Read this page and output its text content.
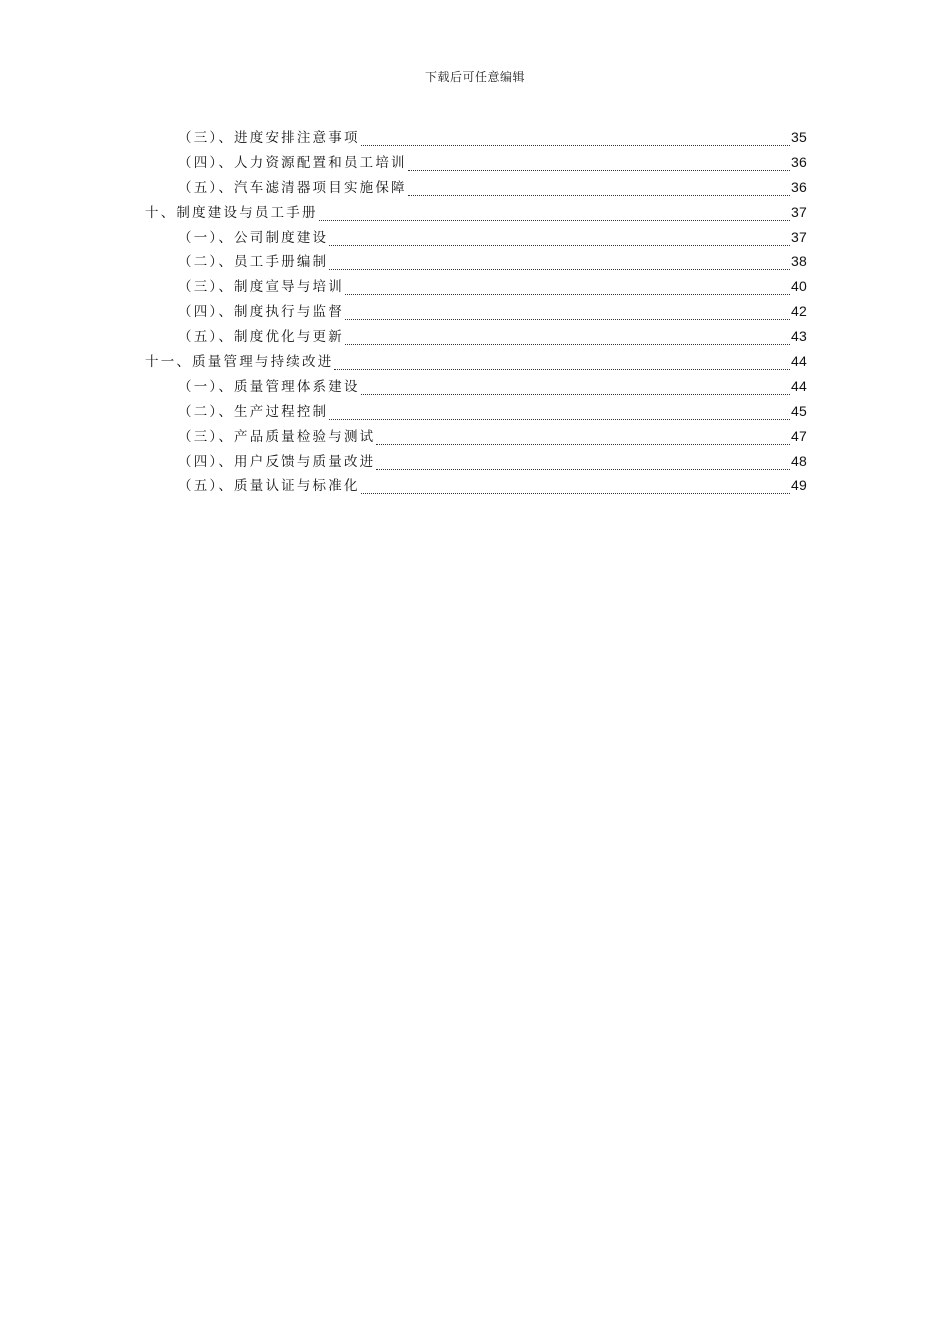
下载后可任意编辑
（三）、进度安排注意事项	35
（四）、人力资源配置和员工培训	36
（五）、汽车滤清器项目实施保障	36
十、制度建设与员工手册	37
（一）、公司制度建设	37
（二）、员工手册编制	38
（三）、制度宣导与培训	40
（四）、制度执行与监督	42
（五）、制度优化与更新	43
十一、质量管理与持续改进	44
（一）、质量管理体系建设	44
（二）、生产过程控制	45
（三）、产品质量检验与测试	47
（四）、用户反馈与质量改进	48
（五）、质量认证与标准化	49
